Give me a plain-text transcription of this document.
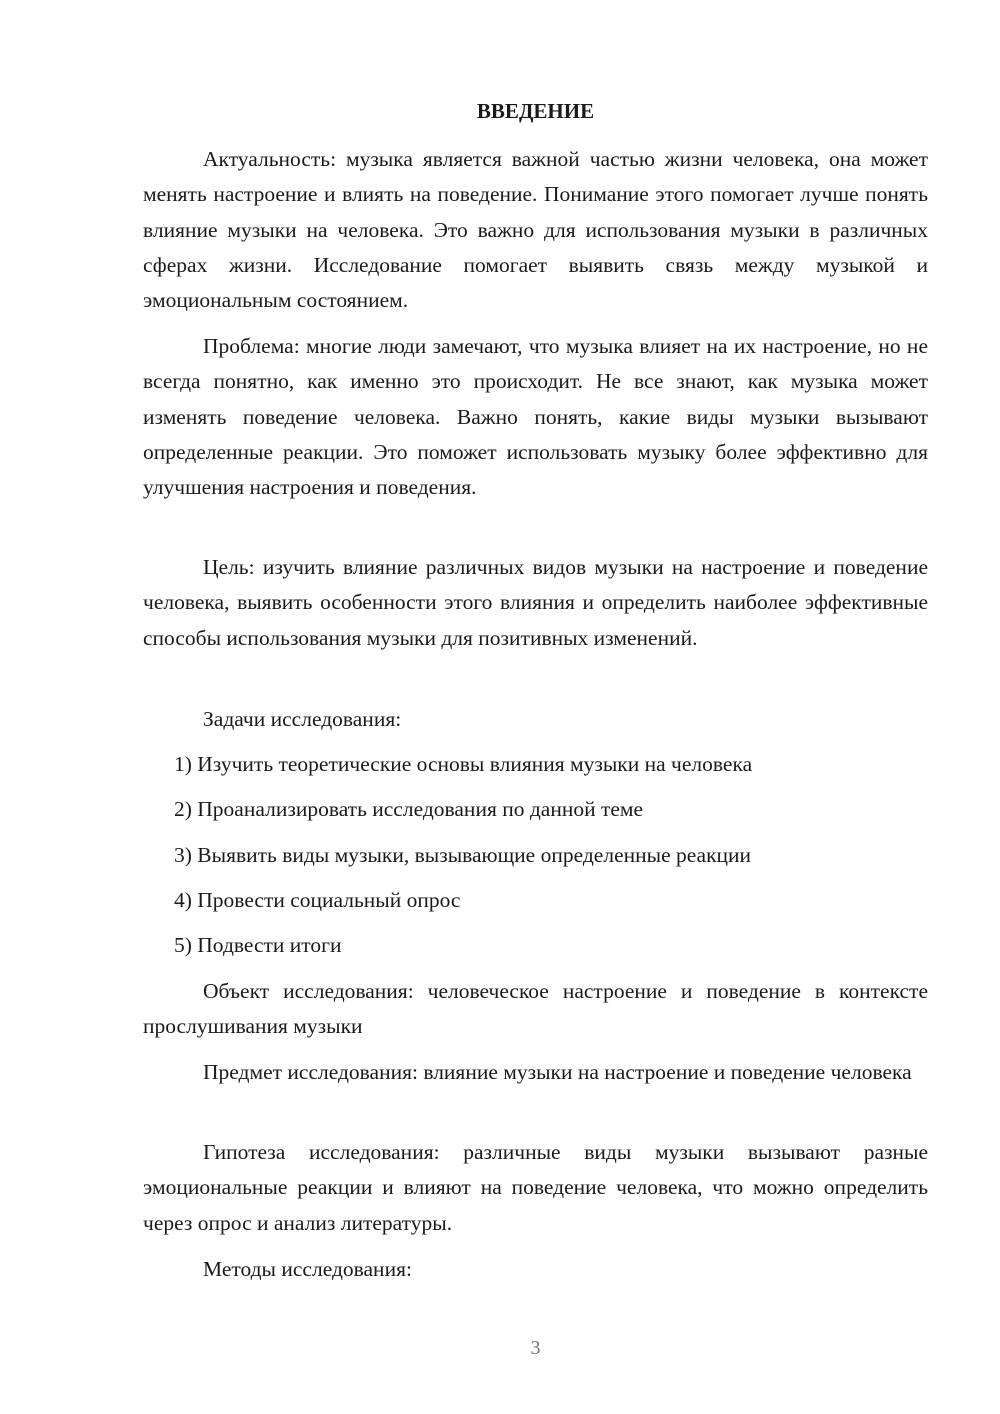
ВВЕДЕНИЕ

Актуальность: музыка является важной частью жизни человека, она может менять настроение и влиять на поведение. Понимание этого помогает лучше понять влияние музыки на человека. Это важно для использования музыки в различных сферах жизни. Исследование помогает выявить связь между музыкой и эмоциональным состоянием.

Проблема: многие люди замечают, что музыка влияет на их настроение, но не всегда понятно, как именно это происходит. Не все знают, как музыка может изменять поведение человека. Важно понять, какие виды музыки вызывают определенные реакции. Это поможет использовать музыку более эффективно для улучшения настроения и поведения.

Цель: изучить влияние различных видов музыки на настроение и поведение человека, выявить особенности этого влияния и определить наиболее эффективные способы использования музыки для позитивных изменений.

Задачи исследования:

1) Изучить теоретические основы влияния музыки на человека

2) Проанализировать исследования по данной теме

3) Выявить виды музыки, вызывающие определенные реакции

4) Провести социальный опрос

5) Подвести итоги

Объект исследования: человеческое настроение и поведение в контексте прослушивания музыки

Предмет исследования: влияние музыки на настроение и поведение человека

Гипотеза исследования: различные виды музыки вызывают разные эмоциональные реакции и влияют на поведение человека, что можно определить через опрос и анализ литературы.

Методы исследования:

3
